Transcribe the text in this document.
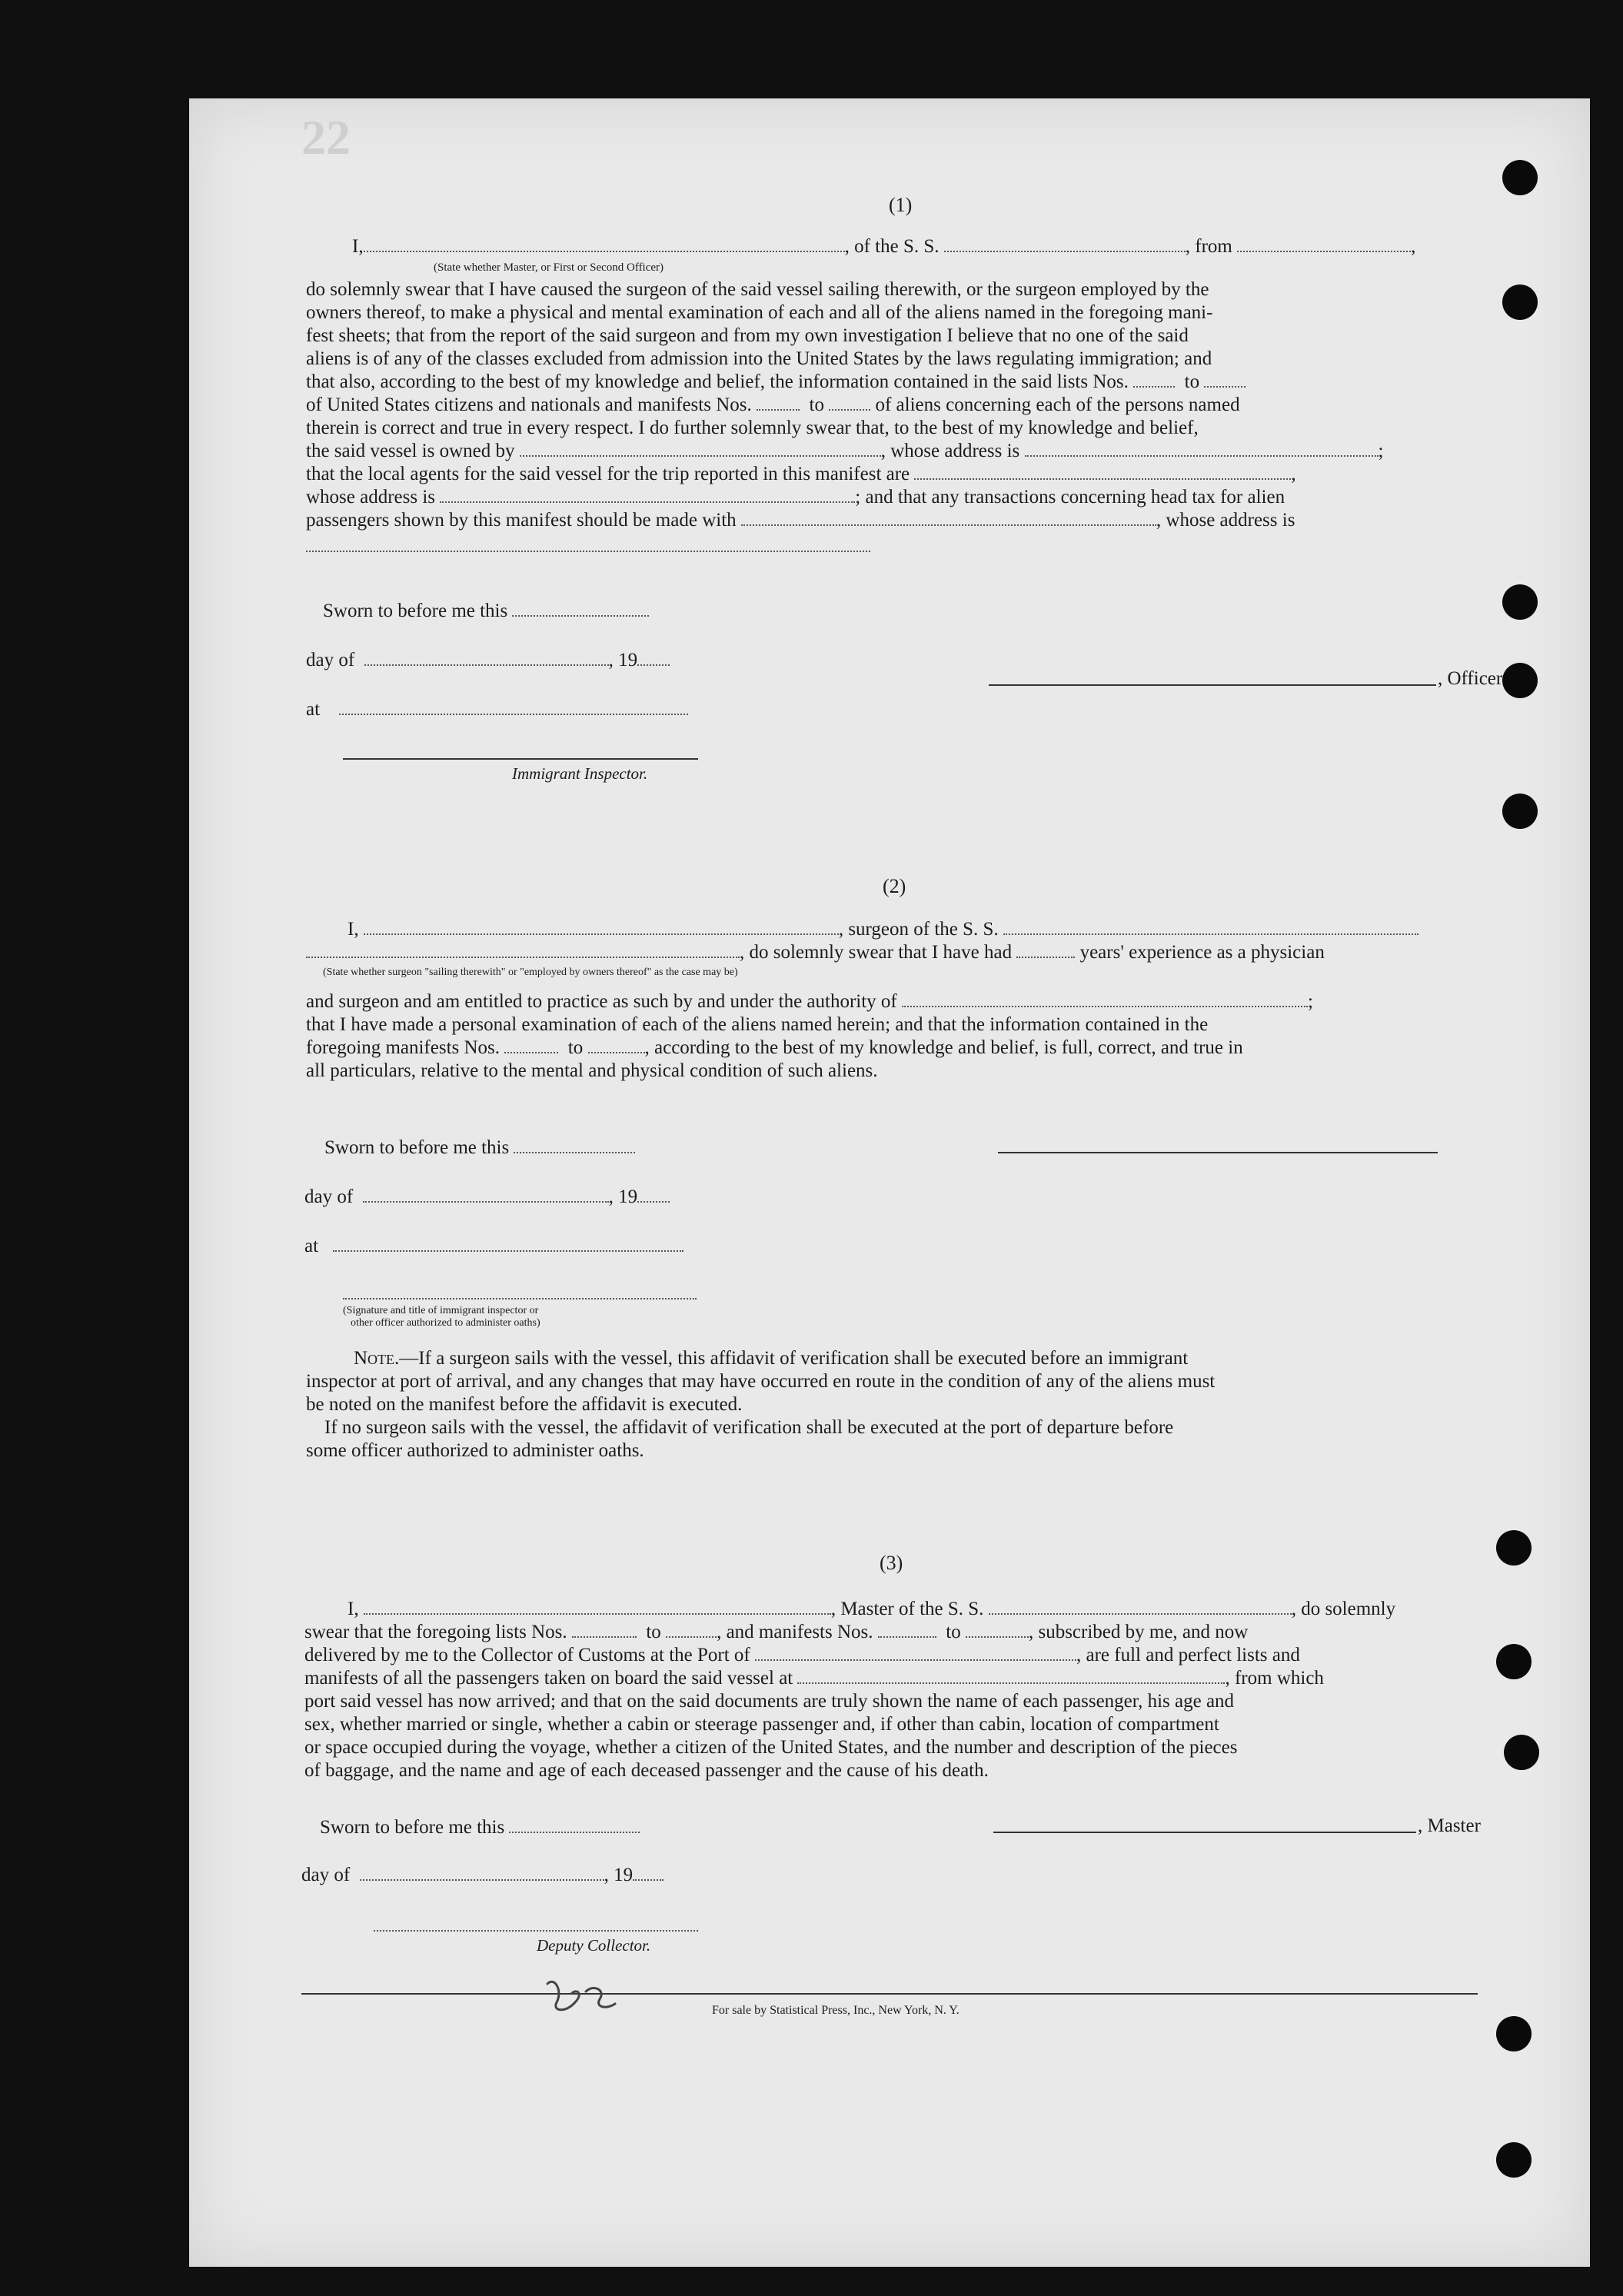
22
(1)
I,	, of the S. S.	, from	,
(State whether Master, or First or Second Officer)
do solemnly swear that I have caused the surgeon of the said vessel sailing therewith, or the surgeon employed by the
owners thereof, to make a physical and mental examination of each and all of the aliens named in the foregoing mani-
fest sheets; that from the report of the said surgeon and from my own investigation I believe that no one of the said
aliens is of any of the classes excluded from admission into the United States by the laws regulating immigration; and
that also, according to the best of my knowledge and belief, the information contained in the said lists Nos.	to
of United States citizens and nationals and manifests Nos.	to	of aliens concerning each of the persons named
therein is correct and true in every respect. I do further solemnly swear that, to the best of my knowledge and belief,
the said vessel is owned by	, whose address is	;
that the local agents for the said vessel for the trip reported in this manifest are	,
whose address is	; and that any transactions concerning head tax for alien
passengers shown by this manifest should be made with	, whose address is
Sworn to before me this
day of	, 19
at
Immigrant Inspector.
, Officer
(2)
I,	, surgeon of the S. S.
, do solemnly swear that I have had	years' experience as a physician
(State whether surgeon "sailing therewith" or "employed by owners thereof" as the case may be)
and surgeon and am entitled to practice as such by and under the authority of	;
that I have made a personal examination of each of the aliens named herein; and that the information contained in the
foregoing manifests Nos.	to	, according to the best of my knowledge and belief, is full, correct, and true in
all particulars, relative to the mental and physical condition of such aliens.
Sworn to before me this
day of	, 19
at
(Signature and title of immigrant inspector or
other officer authorized to administer oaths)
Note.—If a surgeon sails with the vessel, this affidavit of verification shall be executed before an immigrant
inspector at port of arrival, and any changes that may have occurred en route in the condition of any of the aliens must
be noted on the manifest before the affidavit is executed.
If no surgeon sails with the vessel, the affidavit of verification shall be executed at the port of departure before
some officer authorized to administer oaths.
(3)
I,	, Master of the S. S.	, do solemnly
swear that the foregoing lists Nos.	to	, and manifests Nos.	to	, subscribed by me, and now
delivered by me to the Collector of Customs at the Port of	, are full and perfect lists and
manifests of all the passengers taken on board the said vessel at	, from which
port said vessel has now arrived; and that on the said documents are truly shown the name of each passenger, his age and
sex, whether married or single, whether a cabin or steerage passenger and, if other than cabin, location of compartment
or space occupied during the voyage, whether a citizen of the United States, and the number and description of the pieces
of baggage, and the name and age of each deceased passenger and the cause of his death.
Sworn to before me this	, Master
day of	, 19
Deputy Collector.
For sale by Statistical Press, Inc., New York, N. Y.
